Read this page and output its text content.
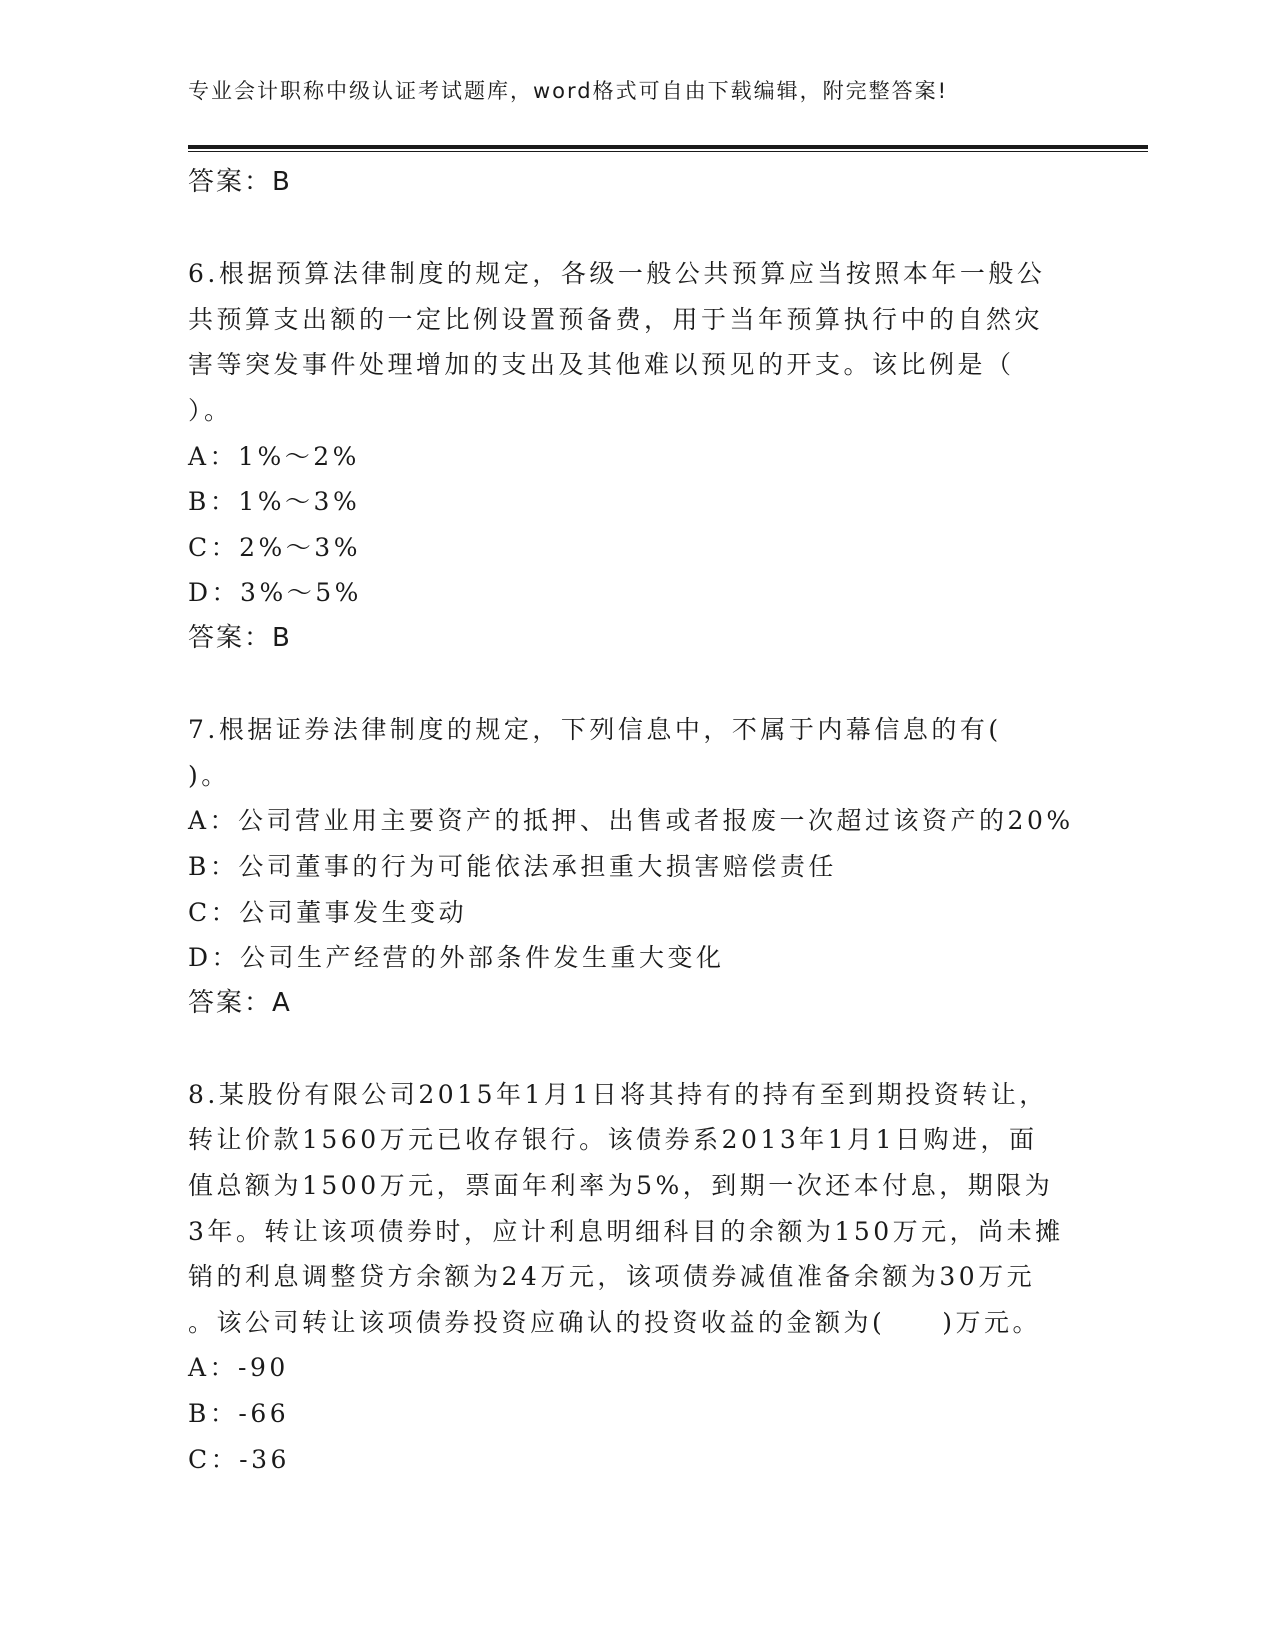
专业会计职称中级认证考试题库，word格式可自由下载编辑，附完整答案!
答案：B
6.根据预算法律制度的规定，各级一般公共预算应当按照本年一般公
共预算支出额的一定比例设置预备费，用于当年预算执行中的自然灾
害等突发事件处理增加的支出及其他难以预见的开支。该比例是（
）。
A：1%～2%
B：1%～3%
C：2%～3%
D：3%～5%
答案：B
7.根据证券法律制度的规定，下列信息中，不属于内幕信息的有(
)。
A：公司营业用主要资产的抵押、出售或者报废一次超过该资产的20%
B：公司董事的行为可能依法承担重大损害赔偿责任
C：公司董事发生变动
D：公司生产经营的外部条件发生重大变化
答案：A
8.某股份有限公司2015年1月1日将其持有的持有至到期投资转让，
转让价款1560万元已收存银行。该债券系2013年1月1日购进，面
值总额为1500万元，票面年利率为5%，到期一次还本付息，期限为
3年。转让该项债券时，应计利息明细科目的余额为150万元，尚未摊
销的利息调整贷方余额为24万元，该项债券减值准备余额为30万元
。该公司转让该项债券投资应确认的投资收益的金额为(　　)万元。
A：-90
B：-66
C：-36
